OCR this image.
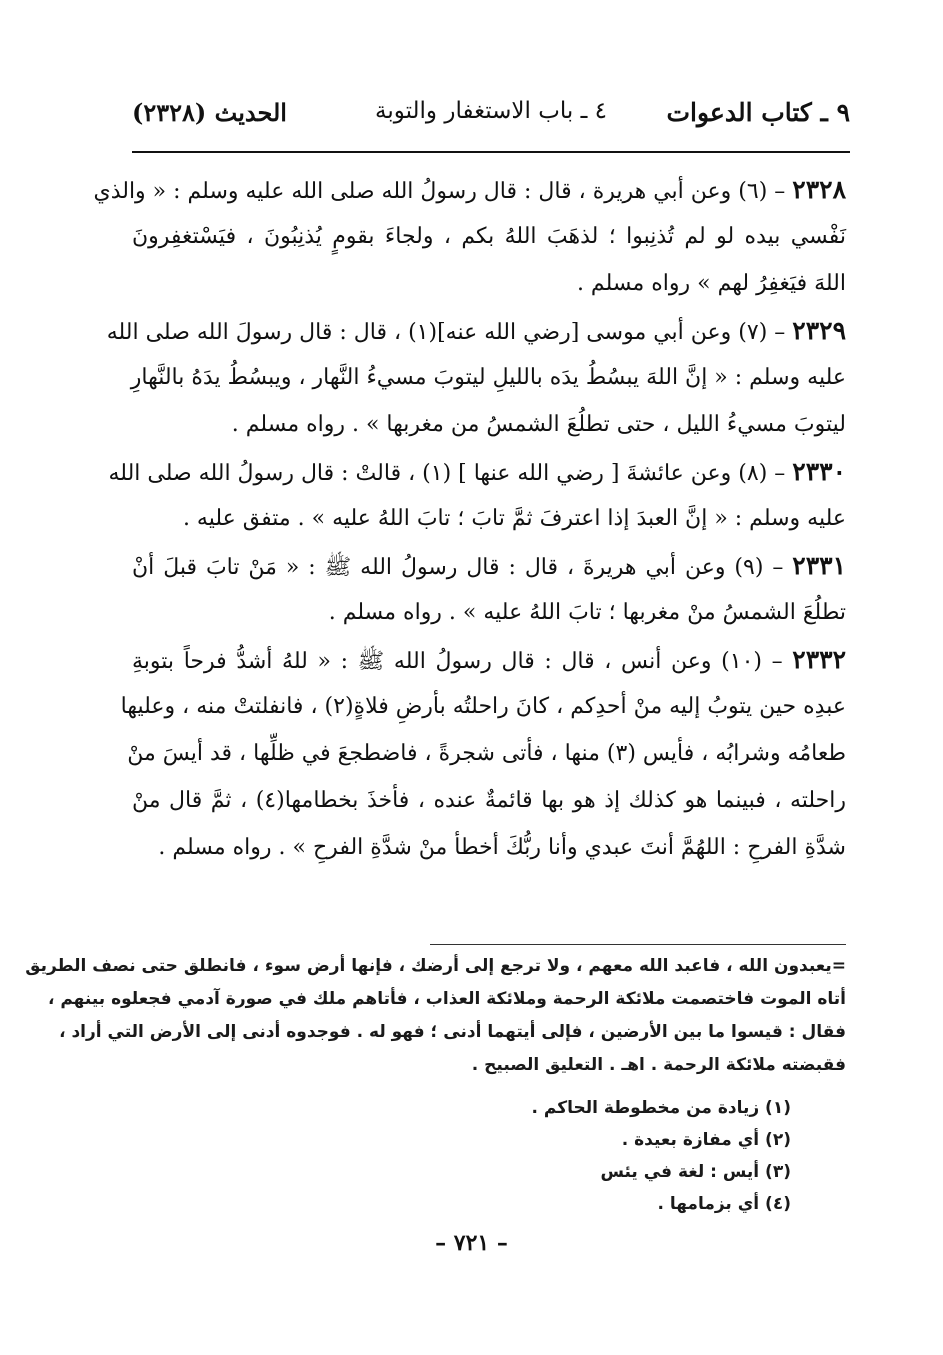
٩ ـ كتاب الدعوات
٤ ـ باب الاستغفار والتوبة
الحديث (٢٣٢٨)
٢٣٢٨ – (٦) وعن أبي هريرة ، قال : قال رسولُ الله صلى الله عليه وسلم : « والذي
نَفْسي بيده لو لم تُذنِبوا ؛ لذهَبَ اللهُ بكم ، ولجاءَ بقومٍ يُذنِبُونَ ، فيَسْتغفِرونَ
اللهَ فيَغفِرُ لهم » رواه مسلم .
٢٣٢٩ – (٧) وعن أبي موسى [رضي الله عنه](١) ، قال : قال رسولَ الله صلى الله
عليه وسلم : « إنَّ اللهَ يبسُطُ يدَه بالليلِ ليتوبَ مسيءُ النَّهار ، ويبسُطُ يدَهُ بالنَّهارِ
ليتوبَ مسيءُ الليل ، حتى تطلُعَ الشمسُ من مغربها » . رواه مسلم .
٢٣٣٠ – (٨) وعن عائشةَ [ رضي الله عنها ] (١) ، قالتْ : قال رسولُ الله صلى الله
عليه وسلم : « إنَّ العبدَ إذا اعترفَ ثمَّ تابَ ؛ تابَ اللهُ عليه » . متفق عليه .
٢٣٣١ – (٩) وعن أبي هريرةَ ، قال : قال رسولُ الله ﷺ : « مَنْ تابَ قبلَ أنْ
تطلُعَ الشمسُ منْ مغربها ؛ تابَ اللهُ عليه » . رواه مسلم .
٢٣٣٢ – (١٠) وعن أنس ، قال : قال رسولُ الله ﷺ : « للهُ أشدُّ فرحاً بتوبةِ
عبدِه حين يتوبُ إليه منْ أحدِكم ، كانَ راحلتُه بأرضِ فلاةٍ(٢) ، فانفلتتْ منه ، وعليها
طعامُه وشرابُه ، فأيس (٣) منها ، فأتى شجرةً ، فاضطجعَ في ظلِّها ، قد أيسَ منْ
راحلته ، فبينما هو كذلك إذ هو بها قائمةٌ عنده ، فأخذَ بخطامها(٤) ، ثمَّ قال منْ
شدَّةِ الفرحِ : اللهُمَّ أنتَ عبدي وأنا ربُّكَ أخطأ منْ شدَّةِ الفرحِ » . رواه مسلم .
=يعبدون الله ، فاعبد الله معهم ، ولا ترجع إلى أرضك ، فإنها أرض سوء ، فانطلق حتى نصف الطريق
أتاه الموت فاختصمت ملائكة الرحمة وملائكة العذاب ، فأتاهم ملك في صورة آدمي فجعلوه بينهم ،
فقال : قيسوا ما بين الأرضين ، فإلى أيتهما أدنى ؛ فهو له . فوجدوه أدنى إلى الأرض التي أراد ،
فقبضته ملائكة الرحمة . اهـ . التعليق الصبيح .
(١) زيادة من مخطوطة الحاكم .
(٢) أي مفازة بعيدة .
(٣) أيس : لغة في يئس
(٤) أي بزمامها .
– ٧٢١ –
